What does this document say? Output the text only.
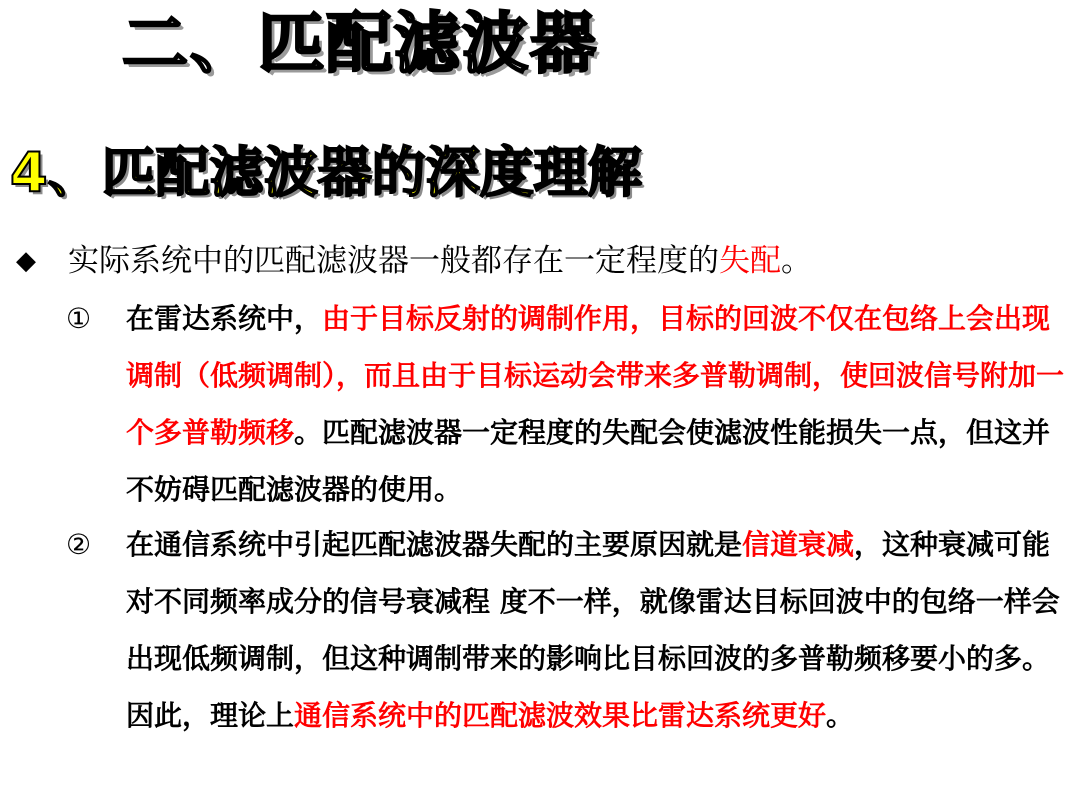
二、匹配滤波器
4、匹配滤波器的深度理解
◆	实际系统中的匹配滤波器一般都存在一定程度的失配。
①	在雷达系统中，由于目标反射的调制作用，目标的回波不仅在包络上会出现调制（低频调制），而且由于目标运动会带来多普勒调制，使回波信号附加一个多普勒频移。匹配滤波器一定程度的失配会使滤波性能损失一点，但这并不妨碍匹配滤波器的使用。
②	在通信系统中引起匹配滤波器失配的主要原因就是信道衰减，这种衰减可能对不同频率成分的信号衰减程 度不一样，就像雷达目标回波中的包络一样会出现低频调制，但这种调制带来的影响比目标回波的多普勒频移要小的多。因此，理论上通信系统中的匹配滤波效果比雷达系统更好。
